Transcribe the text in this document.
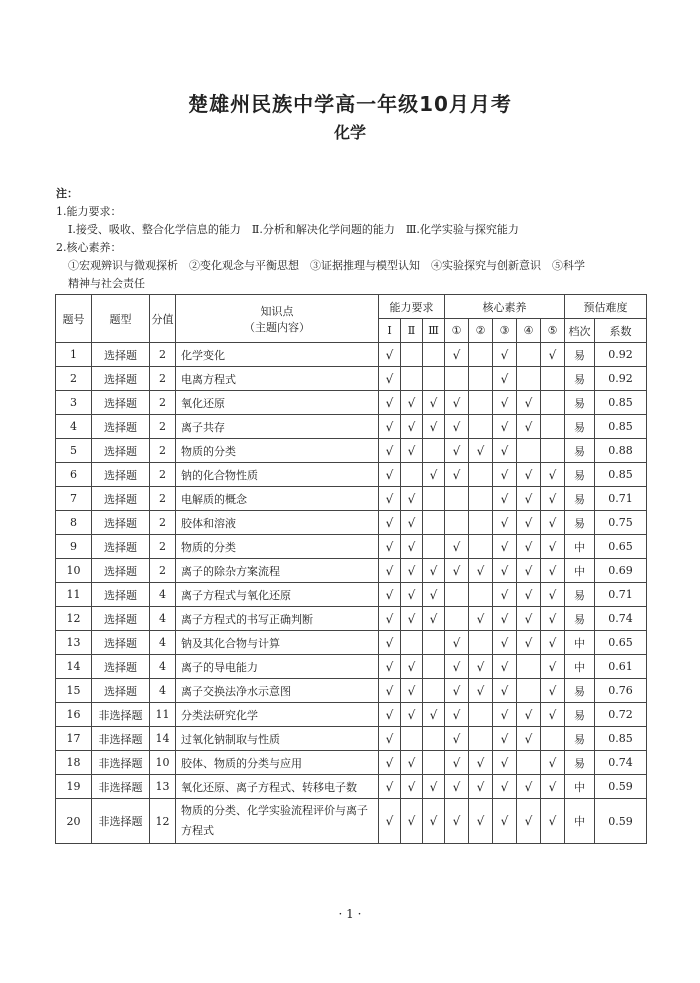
楚雄州民族中学高一年级10月月考
化学
注：
1.能力要求：
Ⅰ.接受、吸收、整合化学信息的能力　Ⅱ.分析和解决化学问题的能力　Ⅲ.化学实验与探究能力
2.核心素养：
①宏观辨识与微观探析　②变化观念与平衡思想　③证据推理与模型认知　④实验探究与创新意识　⑤科学
精神与社会责任
题号	题型	分值	知识点
（主题内容）	能力要求			核心素养					预估难度	
				Ⅰ	Ⅱ	Ⅲ	①	②	③	④	⑤	档次	系数
1	选择题	2	化学变化	√			√		√		√	易	0.92
2	选择题	2	电离方程式	√					√			易	0.92
3	选择题	2	氧化还原	√	√	√	√		√	√		易	0.85
4	选择题	2	离子共存	√	√	√	√		√	√		易	0.85
5	选择题	2	物质的分类	√	√		√	√	√			易	0.88
6	选择题	2	钠的化合物性质	√		√	√		√	√	√	易	0.85
7	选择题	2	电解质的概念	√	√				√	√	√	易	0.71
8	选择题	2	胶体和溶液	√	√				√	√	√	易	0.75
9	选择题	2	物质的分类	√	√		√		√	√	√	中	0.65
10	选择题	2	离子的除杂方案流程	√	√	√	√	√	√	√	√	中	0.69
11	选择题	4	离子方程式与氧化还原	√	√	√			√	√	√	易	0.71
12	选择题	4	离子方程式的书写正确判断	√	√	√		√	√	√	√	易	0.74
13	选择题	4	钠及其化合物与计算	√			√		√	√	√	中	0.65
14	选择题	4	离子的导电能力	√	√		√	√	√		√	中	0.61
15	选择题	4	离子交换法净水示意图	√	√		√	√	√		√	易	0.76
16	非选择题	11	分类法研究化学	√	√	√	√		√	√	√	易	0.72
17	非选择题	14	过氧化钠制取与性质	√			√		√	√		易	0.85
18	非选择题	10	胶体、物质的分类与应用	√	√		√	√	√		√	易	0.74
19	非选择题	13	氧化还原、离子方程式、转移电子数	√	√	√	√	√	√	√	√	中	0.59
20	非选择题	12	物质的分类、化学实验流程评价与离子方程式	√	√	√	√	√	√	√	√	中	0.59
· 1 ·
